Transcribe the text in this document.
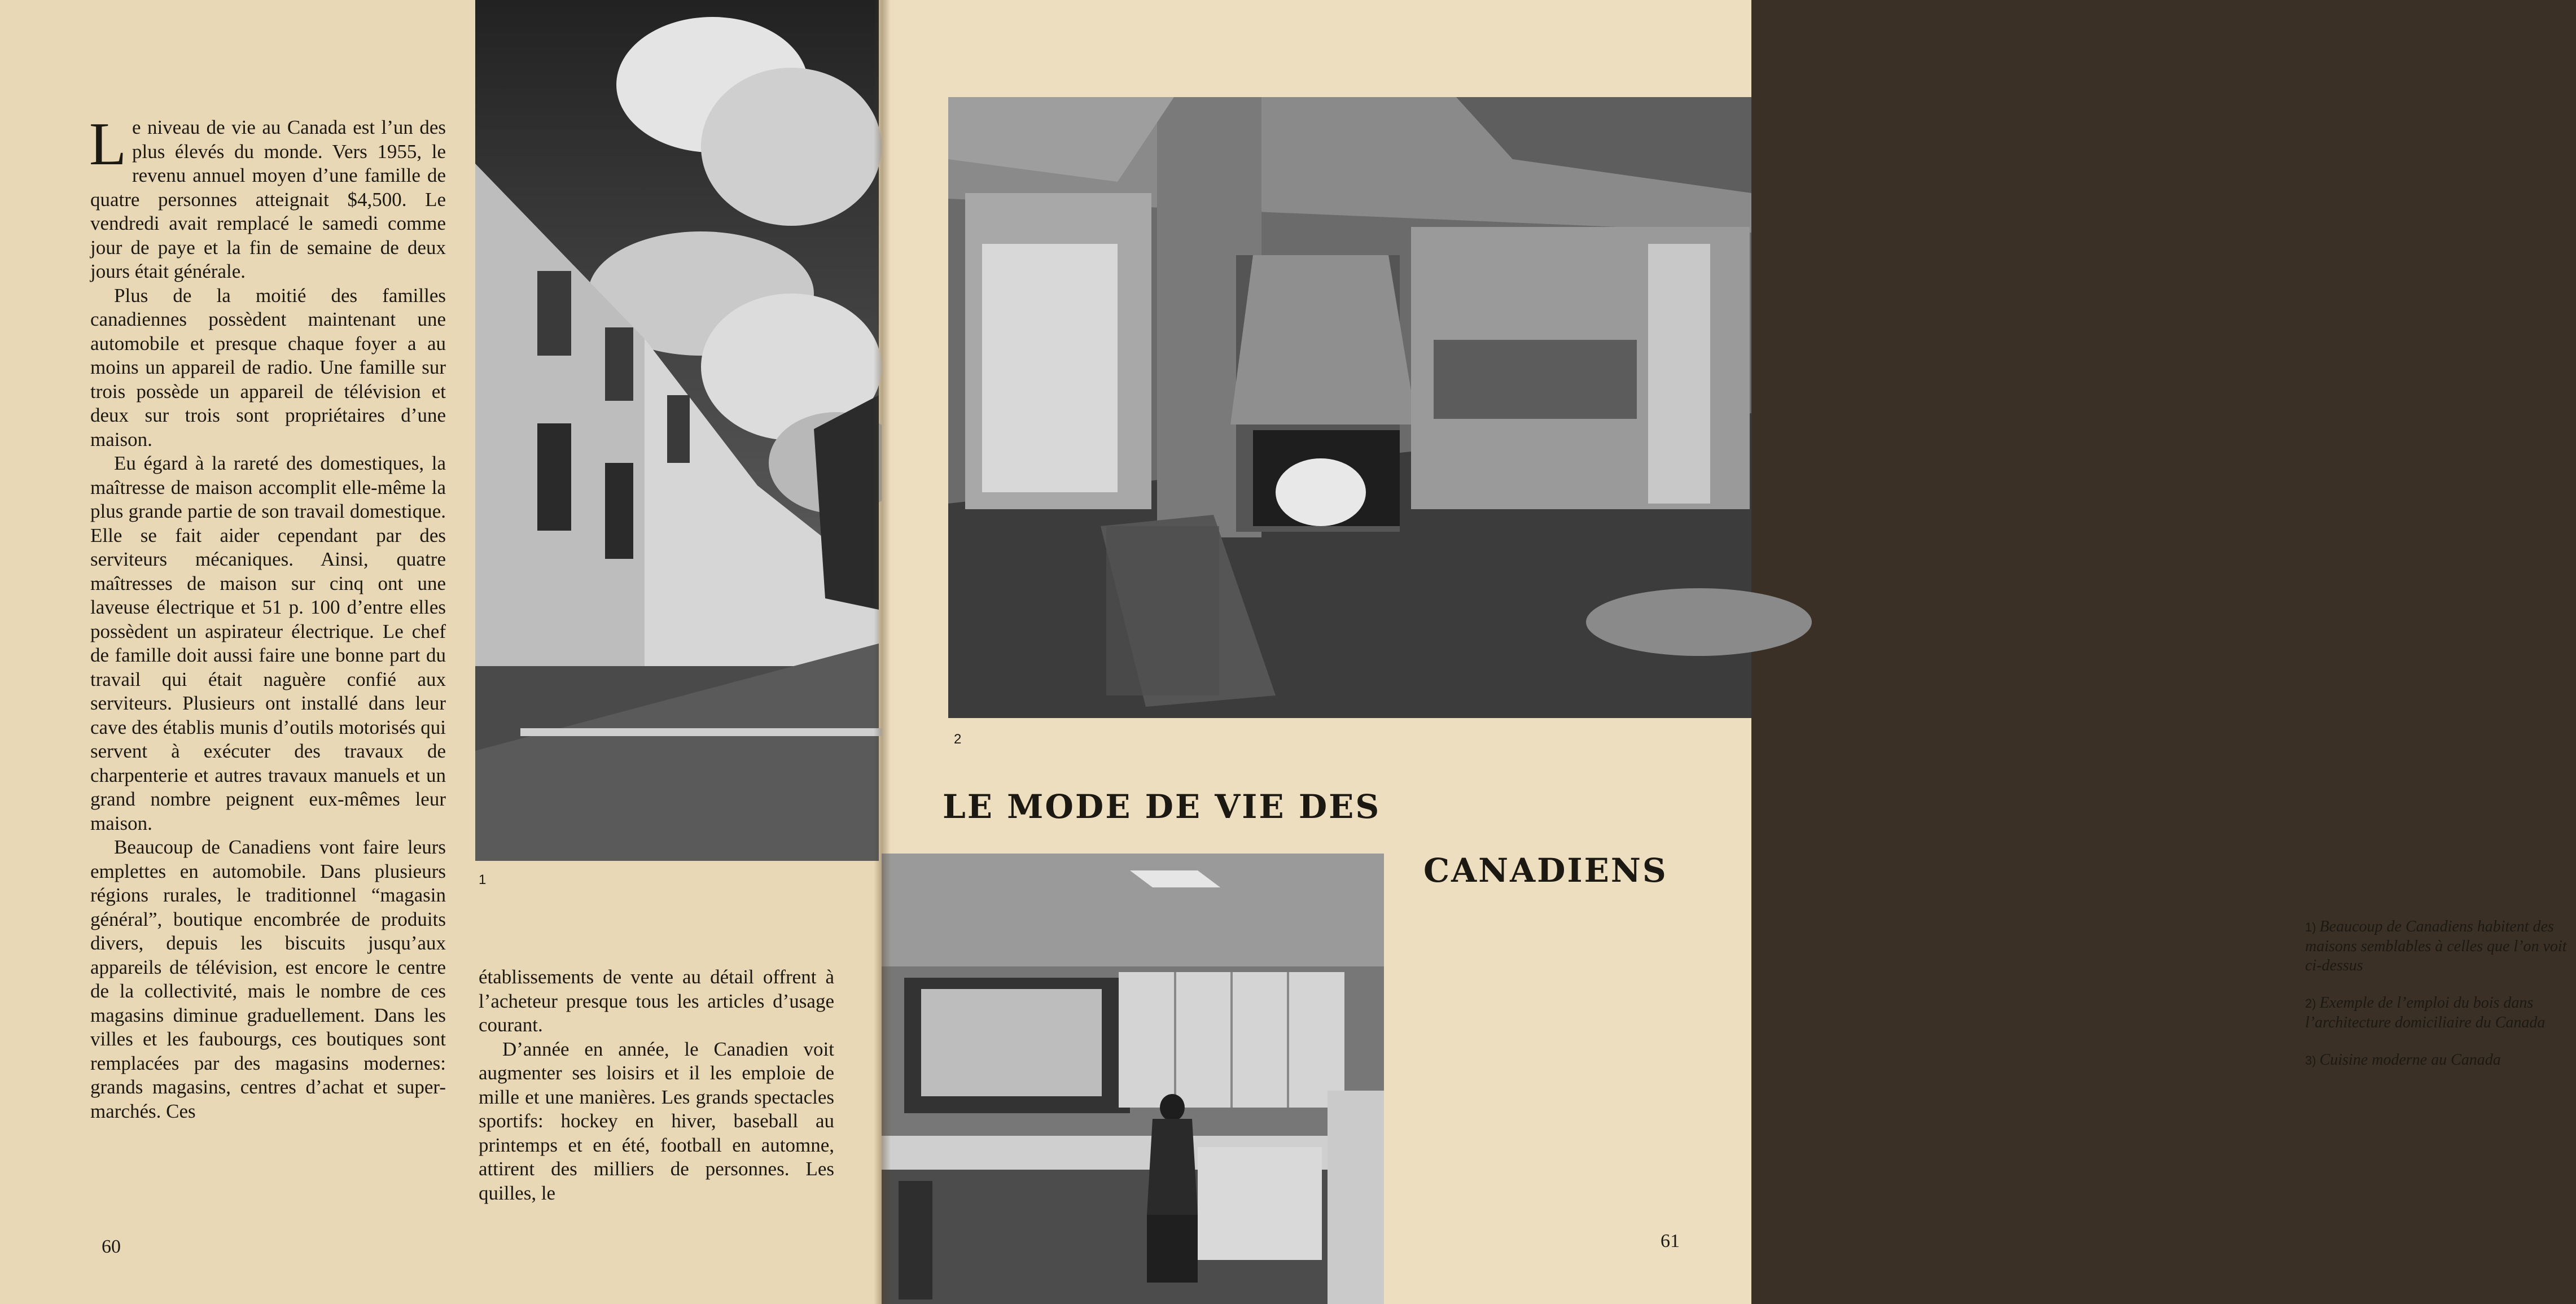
Le niveau de vie au Canada est l’un des plus élevés du monde. Vers 1955, le revenu annuel moyen d’une famille de quatre personnes atteignait $4,500. Le vendredi avait remplacé le samedi comme jour de paye et la fin de semaine de deux jours était générale.

Plus de la moitié des familles canadiennes possèdent maintenant une automobile et presque chaque foyer a au moins un appareil de radio. Une famille sur trois possède un appareil de télévision et deux sur trois sont propriétaires d’une maison.

Eu égard à la rareté des domestiques, la maîtresse de maison accomplit elle-même la plus grande partie de son travail domestique. Elle se fait aider cependant par des serviteurs mécaniques. Ainsi, quatre maîtresses de maison sur cinq ont une laveuse électrique et 51 p. 100 d’entre elles possèdent un aspirateur électrique. Le chef de famille doit aussi faire une bonne part du travail qui était naguère confié aux serviteurs. Plusieurs ont installé dans leur cave des établis munis d’outils motorisés qui servent à exécuter des travaux de charpenterie et autres travaux manuels et un grand nombre peignent eux-mêmes leur maison.

Beaucoup de Canadiens vont faire leurs emplettes en automobile. Dans plusieurs régions rurales, le traditionnel “magasin général”, boutique encombrée de produits divers, depuis les biscuits jusqu’aux appareils de télévision, est encore le centre de la collectivité, mais le nombre de ces magasins diminue graduellement. Dans les villes et les faubourgs, ces boutiques sont remplacées par des magasins modernes: grands magasins, centres d’achat et super-marchés. Ces

1

établissements de vente au détail offrent à l’acheteur presque tous les articles d’usage courant.

D’année en année, le Canadien voit augmenter ses loisirs et il les emploie de mille et une manières. Les grands spectacles sportifs: hockey en hiver, baseball au printemps et en été, football en automne, attirent des milliers de personnes. Les quilles, le

60
2
LE MODE DE VIE DES
CANADIENS

1) Beaucoup de Canadiens habitent des maisons semblables à celles que l’on voit ci-dessus

2) Exemple de l’emploi du bois dans l’architecture domiciliaire du Canada

3) Cuisine moderne au Canada

61
